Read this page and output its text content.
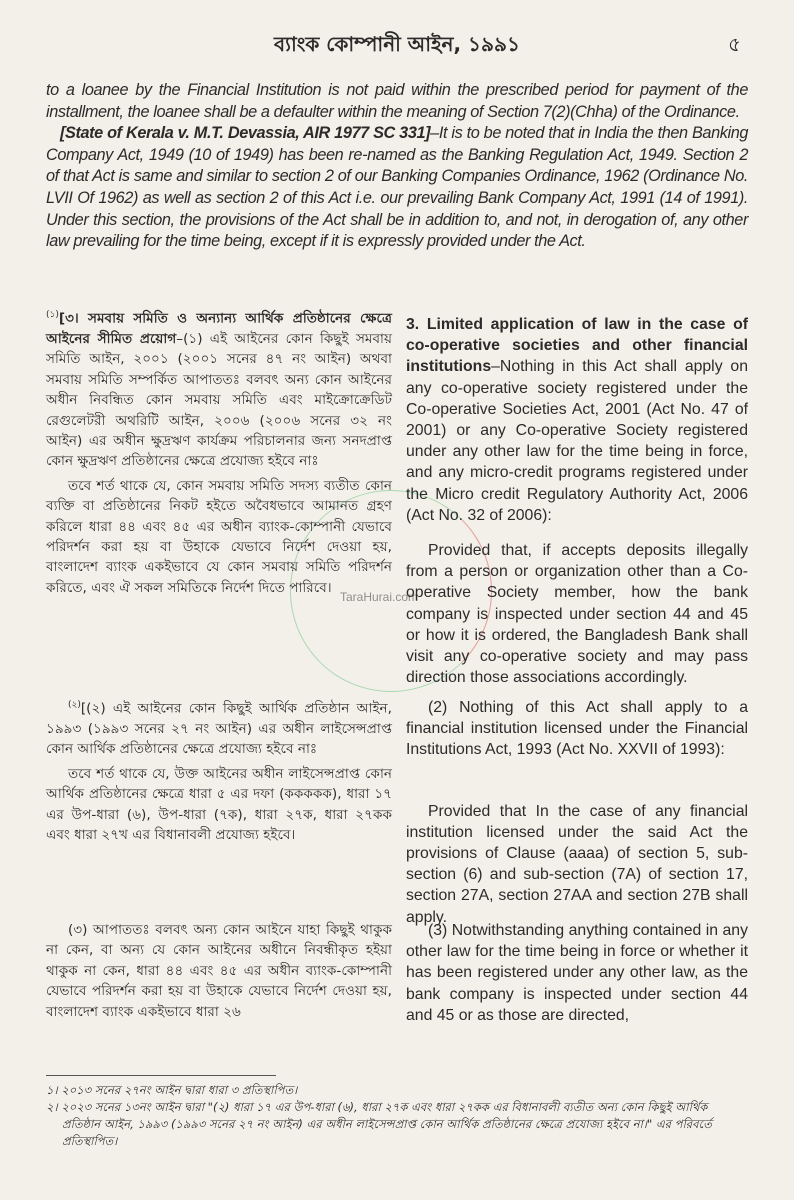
ব্যাংক কোম্পানী আইন, ১৯৯১	৫

to a loanee by the Financial Institution is not paid within the prescribed period for payment of the installment, the loanee shall be a defaulter within the meaning of Section 7(2)(Chha) of the Ordinance.

[State of Kerala v. M.T. Devassia, AIR 1977 SC 331]–It is to be noted that in India the then Banking Company Act, 1949 (10 of 1949) has been re-named as the Banking Regulation Act, 1949. Section 2 of that Act is same and similar to section 2 of our Banking Companies Ordinance, 1962 (Ordinance No. LVII Of 1962) as well as section 2 of this Act i.e. our prevailing Bank Company Act, 1991 (14 of 1991). Under this section, the provisions of the Act shall be in addition to, and not, in derogation of, any other law prevailing for the time being, except if it is expressly provided under the Act.

TaraHurai.com

$^{(১)}$[৩। সমবায় সমিতি ও অন্যান্য আর্থিক প্রতিষ্ঠানের ক্ষেত্রে আইনের সীমিত প্রয়োগ–(১) এই আইনের কোন কিছুই সমবায় সমিতি আইন, ২০০১ (২০০১ সনের ৪৭ নং আইন) অথবা সমবায় সমিতি সম্পর্কিত আপাততঃ বলবৎ অন্য কোন আইনের অধীন নিবন্ধিত কোন সমবায় সমিতি এবং মাইক্রোক্রেডিট রেগুলেটরী অথরিটি আইন, ২০০৬ (২০০৬ সনের ৩২ নং আইন) এর অধীন ক্ষুদ্রঋণ কার্যক্রম পরিচালনার জন্য সনদপ্রাপ্ত কোন ক্ষুদ্রঋণ প্রতিষ্ঠানের ক্ষেত্রে প্রযোজ্য হইবে নাঃ

তবে শর্ত থাকে যে, কোন সমবায় সমিতি সদস্য ব্যতীত কোন ব্যক্তি বা প্রতিষ্ঠানের নিকট হইতে অবৈধভাবে আমানত গ্রহণ করিলে ধারা ৪৪ এবং ৪৫ এর অধীন ব্যাংক-কোম্পানী যেভাবে পরিদর্শন করা হয় বা উহাকে যেভাবে নির্দেশ দেওয়া হয়, বাংলাদেশ ব্যাংক একইভাবে যে কোন সমবায় সমিতি পরিদর্শন করিতে, এবং ঐ সকল সমিতিকে নির্দেশ দিতে পারিবে।

$^{(২)}$[(২) এই আইনের কোন কিছুই আর্থিক প্রতিষ্ঠান আইন, ১৯৯৩ (১৯৯৩ সনের ২৭ নং আইন) এর অধীন লাইসেন্সপ্রাপ্ত কোন আর্থিক প্রতিষ্ঠানের ক্ষেত্রে প্রযোজ্য হইবে নাঃ

তবে শর্ত থাকে যে, উক্ত আইনের অধীন লাইসেন্সপ্রাপ্ত কোন আর্থিক প্রতিষ্ঠানের ক্ষেত্রে ধারা ৫ এর দফা (ককককক), ধারা ১৭ এর উপ-ধারা (৬), উপ-ধারা (৭ক), ধারা ২৭ক, ধারা ২৭কক এবং ধারা ২৭খ এর বিধানাবলী প্রযোজ্য হইবে।

(৩) আপাততঃ বলবৎ অন্য কোন আইনে যাহা কিছুই থাকুক না কেন, বা অন্য যে কোন আইনের অধীনে নিবন্ধীকৃত হইয়া থাকুক না কেন, ধারা ৪৪ এবং ৪৫ এর অধীন ব্যাংক-কোম্পানী যেভাবে পরিদর্শন করা হয় বা উহাকে যেভাবে নির্দেশ দেওয়া হয়, বাংলাদেশ ব্যাংক একইভাবে ধারা ২৬

3. Limited application of law in the case of co-operative societies and other financial institutions–Nothing in this Act shall apply on any co-operative society registered under the Co-operative Societies Act, 2001 (Act No. 47 of 2001) or any Co-operative Society registered under any other law for the time being in force, and any micro-credit programs registered under the Micro credit Regulatory Authority Act, 2006 (Act No. 32 of 2006):

Provided that, if accepts deposits illegally from a person or organization other than a Co-operative Society member, how the bank company is inspected under section 44 and 45 or how it is ordered, the Bangladesh Bank shall visit any co-operative society and may pass direction those associations accordingly.

(2) Nothing of this Act shall apply to a financial institution licensed under the Financial Institutions Act, 1993 (Act No. XXVII of 1993):

Provided that In the case of any financial institution licensed under the said Act the provisions of Clause (aaaa) of section 5, sub-section (6) and sub-section (7A) of section 17, section 27A, section 27AA and section 27B shall apply.

(3) Notwithstanding anything contained in any other law for the time being in force or whether it has been registered under any other law, as the bank company is inspected under section 44 and 45 or as those are directed,

১। ২০১৩ সনের ২৭নং আইন দ্বারা ধারা ৩ প্রতিস্থাপিত।

২। ২০২৩ সনের ১৩নং আইন দ্বারা "(২) ধারা ১৭ এর উপ-ধারা (৬), ধারা ২৭ক এবং ধারা ২৭কক এর বিধানাবলী ব্যতীত অন্য কোন কিছুই আর্থিক প্রতিষ্ঠান আইন, ১৯৯৩ (১৯৯৩ সনের ২৭ নং আইন) এর অধীন লাইসেন্সপ্রাপ্ত কোন আর্থিক প্রতিষ্ঠানের ক্ষেত্রে প্রযোজ্য হইবে না।" এর পরিবর্তে প্রতিস্থাপিত।
